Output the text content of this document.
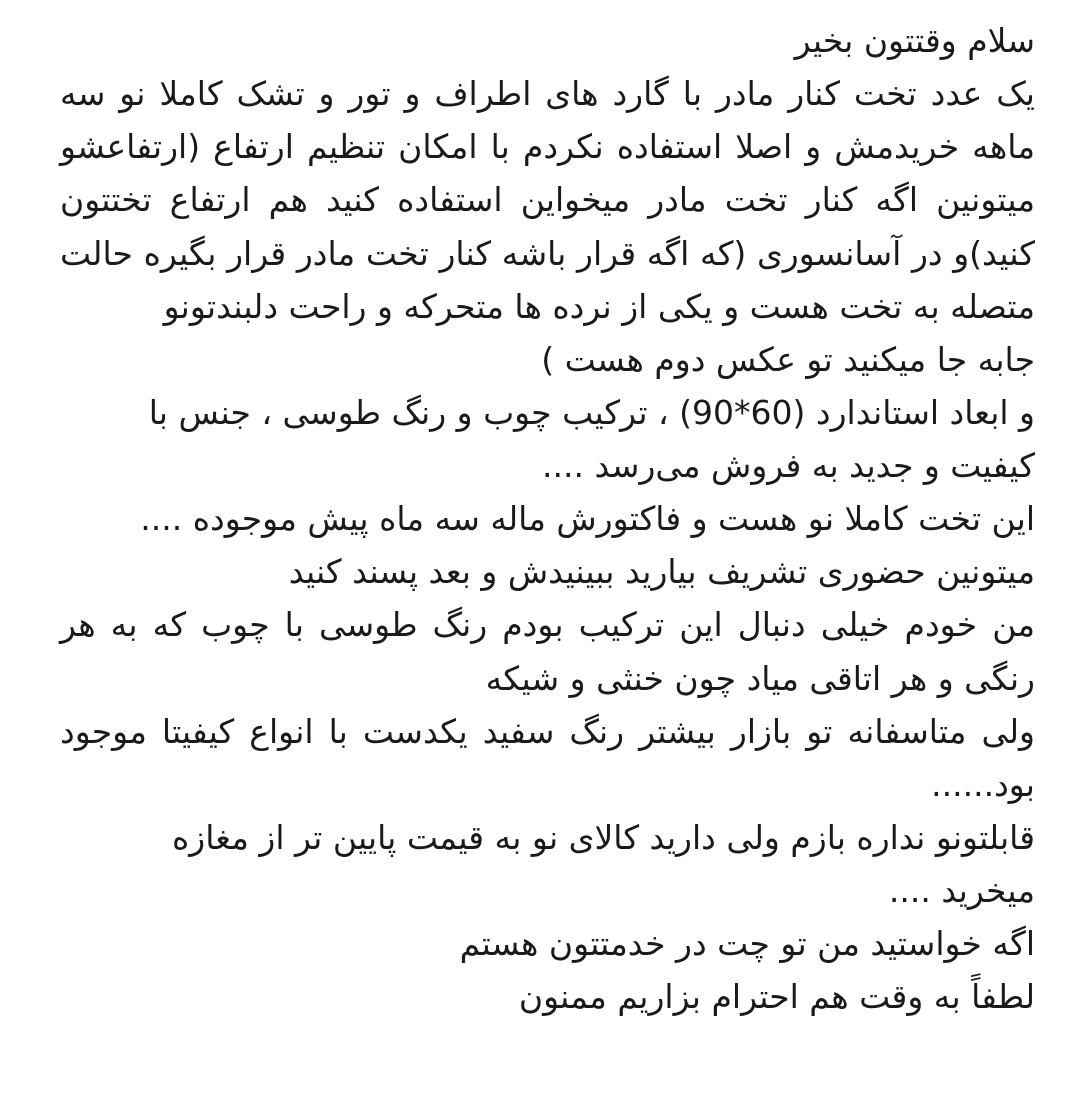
سلام وقتتون بخیر
یک عدد تخت کنار مادر با گارد های اطراف و تور و تشک کاملا نو سه
ماهه خریدمش و اصلا استفاده نکردم با امکان تنظیم ارتفاع (ارتفاعشو
میتونین اگه کنار تخت مادر میخواین استفاده کنید هم ارتفاع تختتون
کنید)و در آسانسوری (که اگه قرار باشه کنار تخت مادر قرار بگیره حالت
متصله به تخت هست و یکی از نرده ها متحرکه و راحت دلبندتونو
جابه جا میکنید تو عکس دوم هست )
و ابعاد استاندارد (60*90) ، ترکیب چوب و رنگ طوسی ، جنس با
کیفیت و جدید به فروش می‌رسد ....
این تخت کاملا نو هست و فاکتورش ماله سه ماه پیش موجوده ....
میتونین حضوری تشریف بیارید ببینیدش و بعد پسند کنید
من خودم خیلی دنبال این ترکیب بودم رنگ طوسی با چوب که به هر
رنگی و هر اتاقی میاد چون خنثی و شیکه
ولی متاسفانه تو بازار بیشتر رنگ سفید یکدست با انواع کیفیتا موجود
بود......
قابلتونو نداره بازم ولی دارید کالای نو به قیمت پایین تر از مغازه
میخرید ....
اگه خواستید من تو چت در خدمتتون هستم
لطفاً به وقت هم احترام بزاریم ممنون
